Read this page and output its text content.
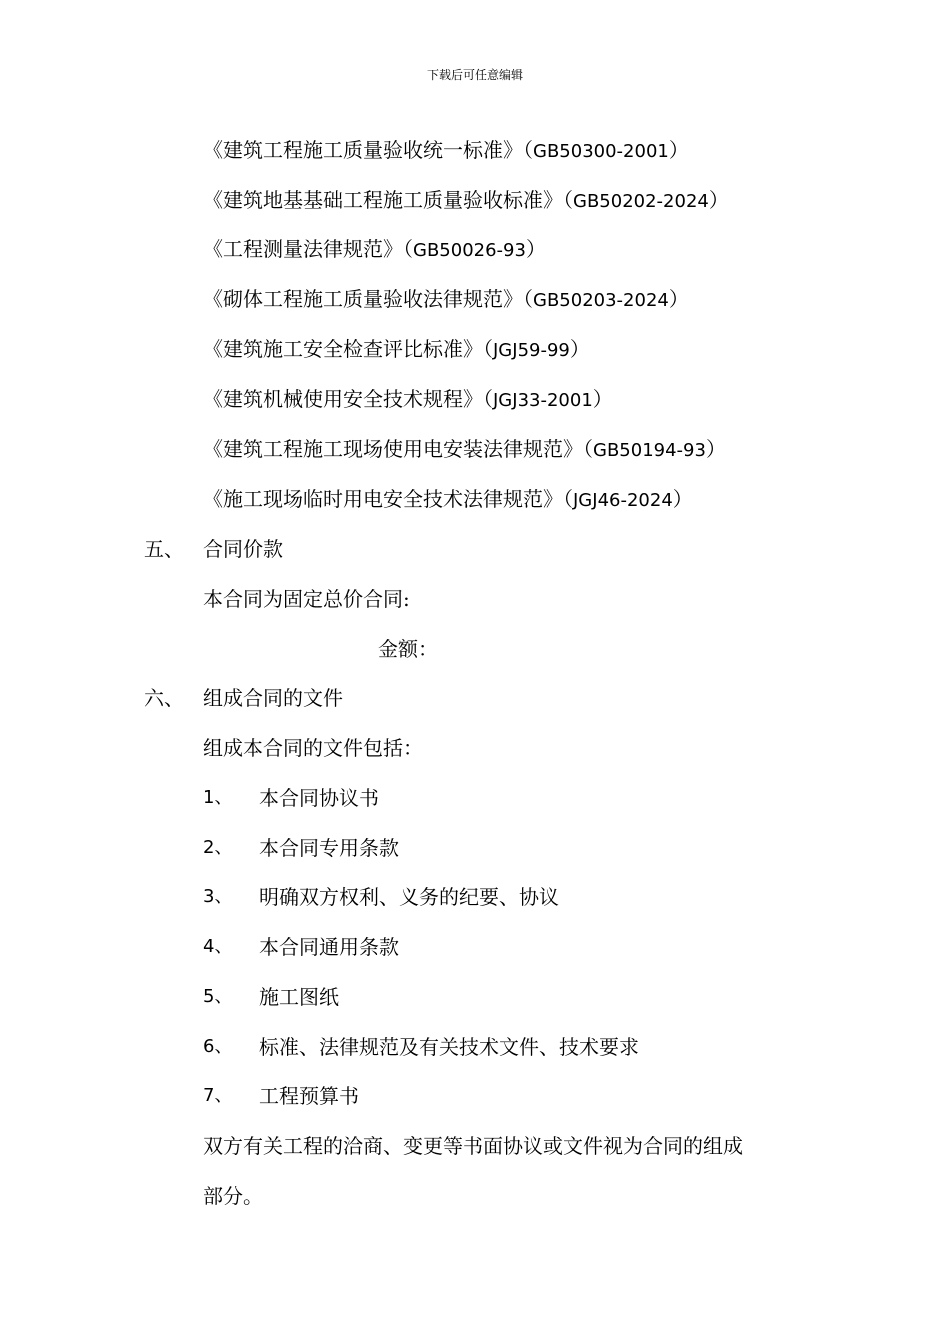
下载后可任意编辑
《建筑工程施工质量验收统一标准》（GB50300-2001）
《建筑地基基础工程施工质量验收标准》（GB50202-2024）
《工程测量法律规范》（GB50026-93）
《砌体工程施工质量验收法律规范》（GB50203-2024）
《建筑施工安全检查评比标准》（JGJ59-99）
《建筑机械使用安全技术规程》（JGJ33-2001）
《建筑工程施工现场使用电安装法律规范》（GB50194-93）
《施工现场临时用电安全技术法律规范》（JGJ46-2024）
五、 合同价款
本合同为固定总价合同:
金额：
六、 组成合同的文件
组成本合同的文件包括：
1、 本合同协议书
2、 本合同专用条款
3、 明确双方权利、义务的纪要、协议
4、 本合同通用条款
5、 施工图纸
6、 标准、法律规范及有关技术文件、技术要求
7、 工程预算书
双方有关工程的洽商、变更等书面协议或文件视为合同的组成
部分。
